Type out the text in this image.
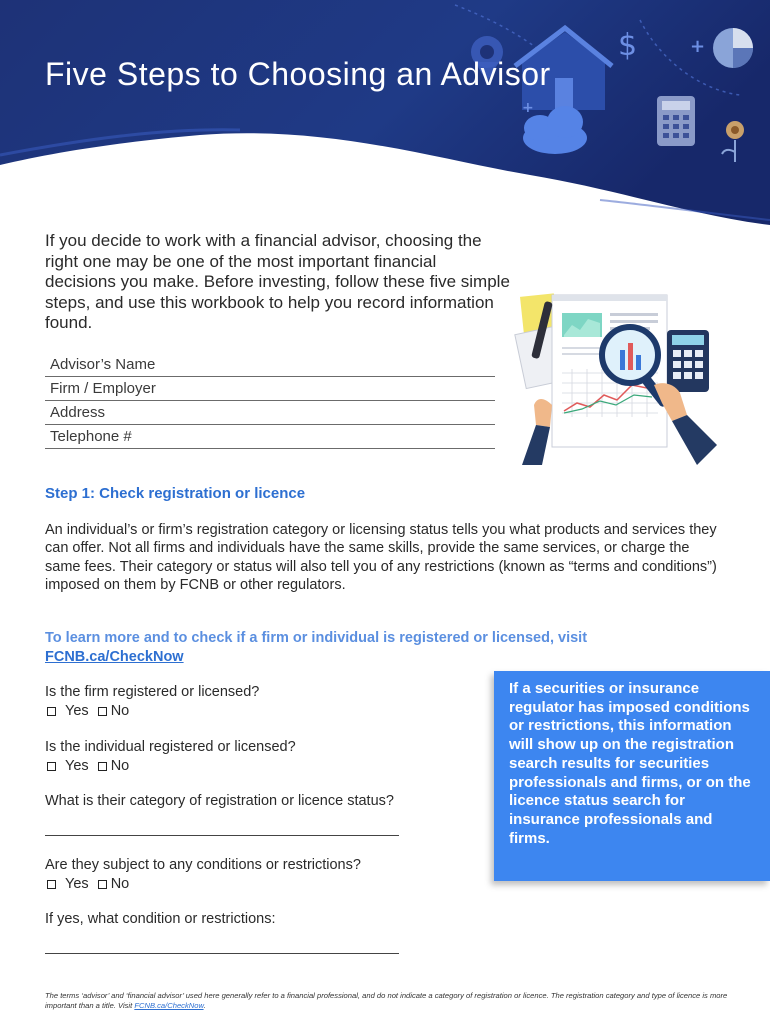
$	+
+
Five Steps to Choosing an Advisor

If you decide to work with a financial advisor, choosing the right one may be one of the most important financial decisions you make. Before investing, follow these five simple steps, and use this workbook to help you record information found.

Advisor’s Name
Firm / Employer
Address
Telephone #
Step 1: Check registration or licence

An individual’s or firm’s registration category or licensing status tells you what products and services they can offer. Not all firms and individuals have the same skills, provide the same services, or charge the same fees. Their category or status will also tell you of any restrictions (known as “terms and conditions”) imposed on them by FCNB or other regulators.

To learn more and to check if a firm or individual is registered or licensed, visit FCNB.ca/CheckNow

Is the firm registered or licensed?
Yes No
Is the individual registered or licensed?
Yes No
What is their category of registration or licence status?
Are they subject to any conditions or restrictions?
Yes No
If yes, what condition or restrictions:
If a securities or insurance regulator has imposed conditions or restrictions, this information will show up on the registration search results for securities professionals and firms, or on the licence status search for insurance professionals and firms.
The terms ‘advisor’ and ‘financial advisor’ used here generally refer to a financial professional, and do not indicate a category of registration or licence. The registration category and type of licence is more important than a title. Visit FCNB.ca/CheckNow.
